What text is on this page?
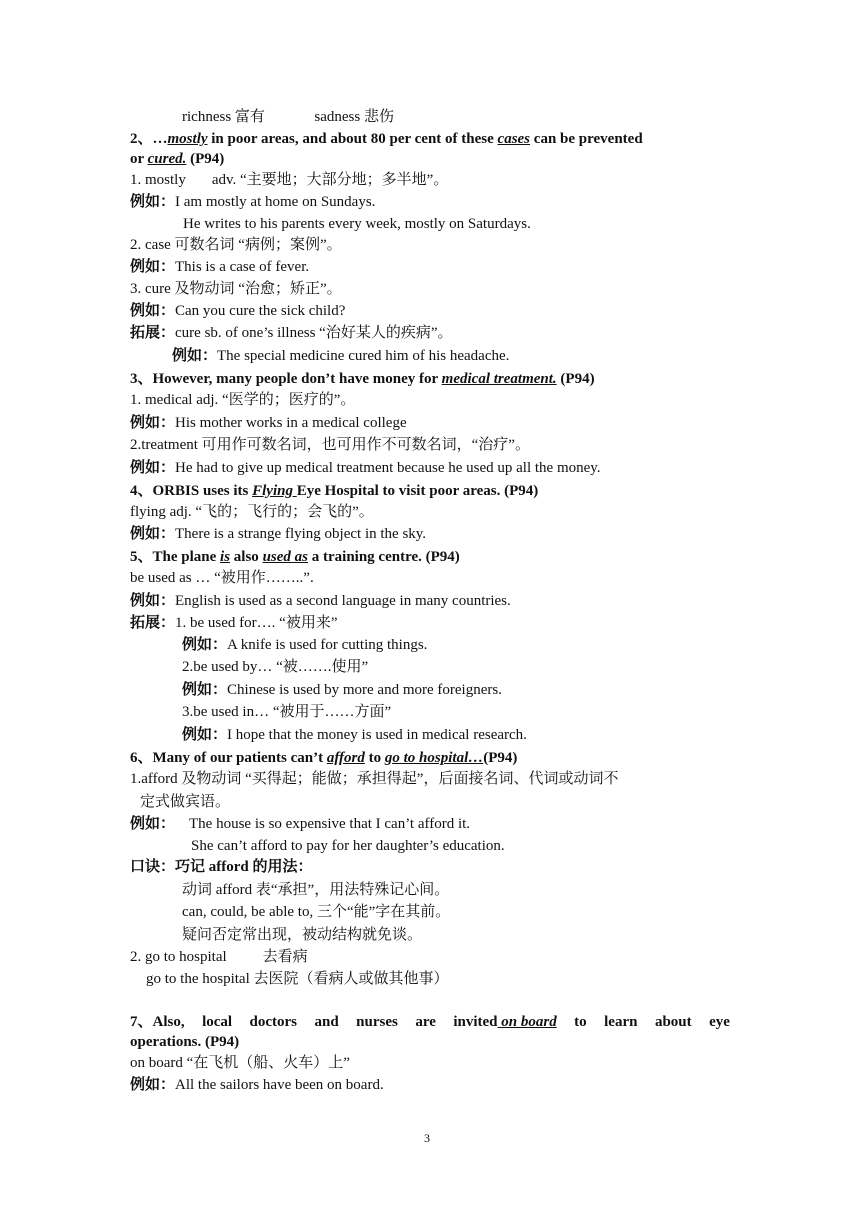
richness 富有	sadness 悲伤
2、…mostly in poor areas, and about 80 per cent of these cases can be prevented
or cured. (P94)
1. mostly adv. “主要地；大部分地；多半地”。
例如：I am mostly at home on Sundays.
He writes to his parents every week, mostly on Saturdays.
2. case 可数名词 “病例；案例”。
例如：This is a case of fever.
3. cure 及物动词 “治愈；矫正”。
例如：Can you cure the sick child?
拓展：cure sb. of one’s illness “治好某人的疾病”。
例如：The special medicine cured him of his headache.
3、However, many people don’t have money for medical treatment. (P94)
1. medical adj. “医学的；医疗的”。
例如：His mother works in a medical college
2.treatment 可用作可数名词，也可用作不可数名词，“治疗”。
例如：He had to give up medical treatment because he used up all the money.
4、ORBIS uses its Flying Eye Hospital to visit poor areas. (P94)
flying adj. “飞的；飞行的；会飞的”。
例如：There is a strange flying object in the sky.
5、The plane is also used as a training centre. (P94)
be used as … “被用作……..”.
例如：English is used as a second language in many countries.
拓展：1. be used for…. “被用来”
例如：A knife is used for cutting things.
2.be used by… “被…….使用”
例如：Chinese is used by more and more foreigners.
3.be used in… “被用于……方面”
例如：I hope that the money is used in medical research.
6、Many of our patients can’t afford to go to hospital…(P94)
1.afford 及物动词 “买得起；能做；承担得起”，后面接名词、代词或动词不
定式做宾语。
例如： The house is so expensive that I can’t afford it.
She can’t afford to pay for her daughter’s education.
口诀：巧记 afford 的用法：
动词 afford 表“承担”，用法特殊记心间。
can, could, be able to, 三个“能”字在其前。
疑问否定常出现，被动结构就免谈。
2. go to hospital 去看病
go to the hospital 去医院（看病人或做其他事）
7、Also, local doctors and nurses are invited on board to learn about eye
operations. (P94)
on board “在飞机（船、火车）上”
例如：All the sailors have been on board.
3
